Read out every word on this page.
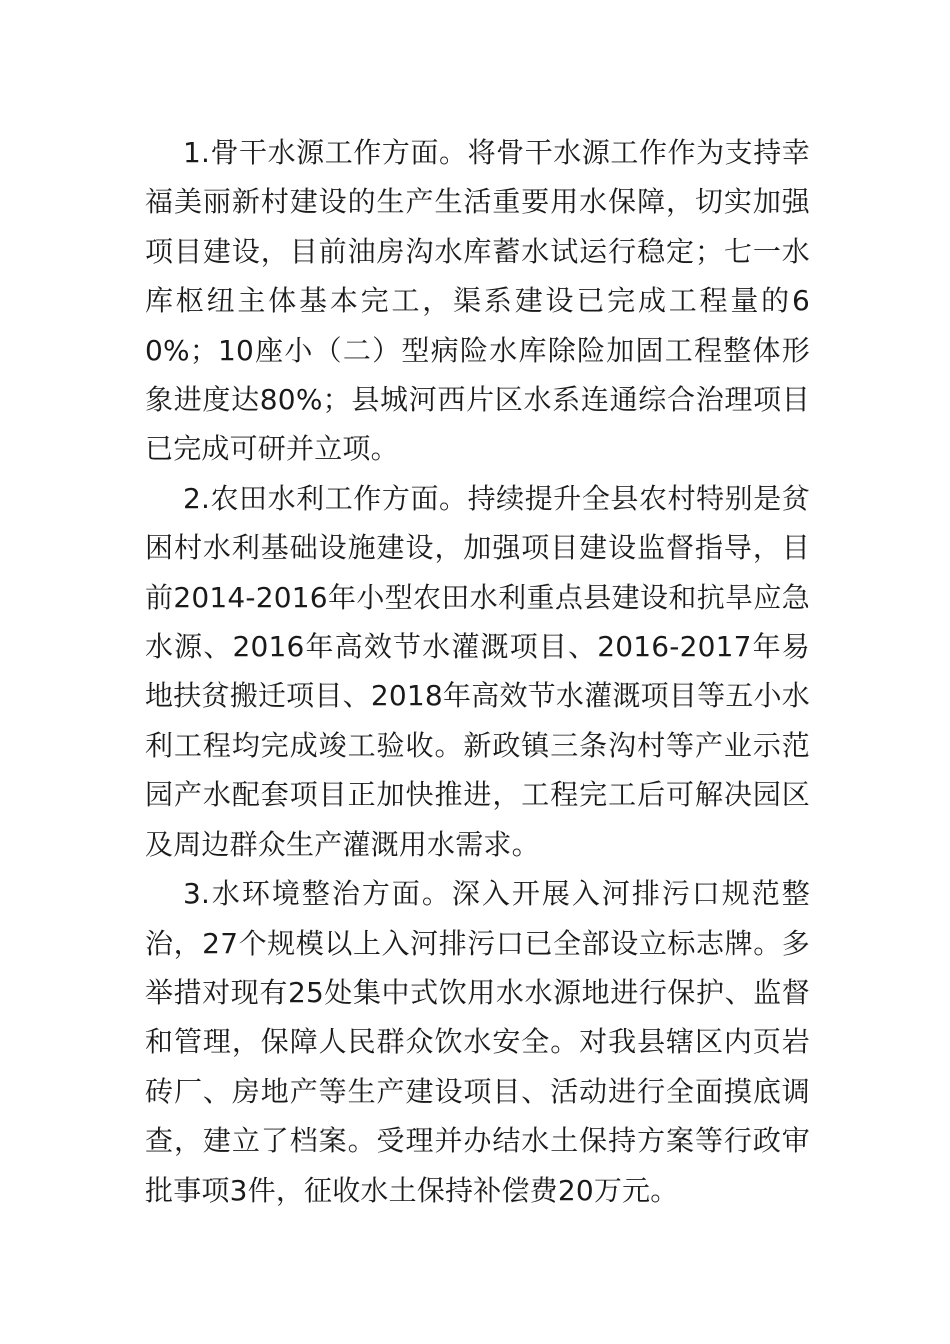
1.骨干水源工作方面。将骨干水源工作作为支持幸福美丽新村建设的生产生活重要用水保障，切实加强项目建设，目前油房沟水库蓄水试运行稳定；七一水库枢纽主体基本完工，渠系建设已完成工程量的60%；10座小（二）型病险水库除险加固工程整体形象进度达80%；县城河西片区水系连通综合治理项目已完成可研并立项。

2.农田水利工作方面。持续提升全县农村特别是贫困村水利基础设施建设，加强项目建设监督指导，目前2014-2016年小型农田水利重点县建设和抗旱应急水源、2016年高效节水灌溉项目、2016-2017年易地扶贫搬迁项目、2018年高效节水灌溉项目等五小水利工程均完成竣工验收。新政镇三条沟村等产业示范园产水配套项目正加快推进，工程完工后可解决园区及周边群众生产灌溉用水需求。

3.水环境整治方面。深入开展入河排污口规范整治，27个规模以上入河排污口已全部设立标志牌。多举措对现有25处集中式饮用水水源地进行保护、监督和管理，保障人民群众饮水安全。对我县辖区内页岩砖厂、房地产等生产建设项目、活动进行全面摸底调查，建立了档案。受理并办结水土保持方案等行政审批事项3件，征收水土保持补偿费20万元。
